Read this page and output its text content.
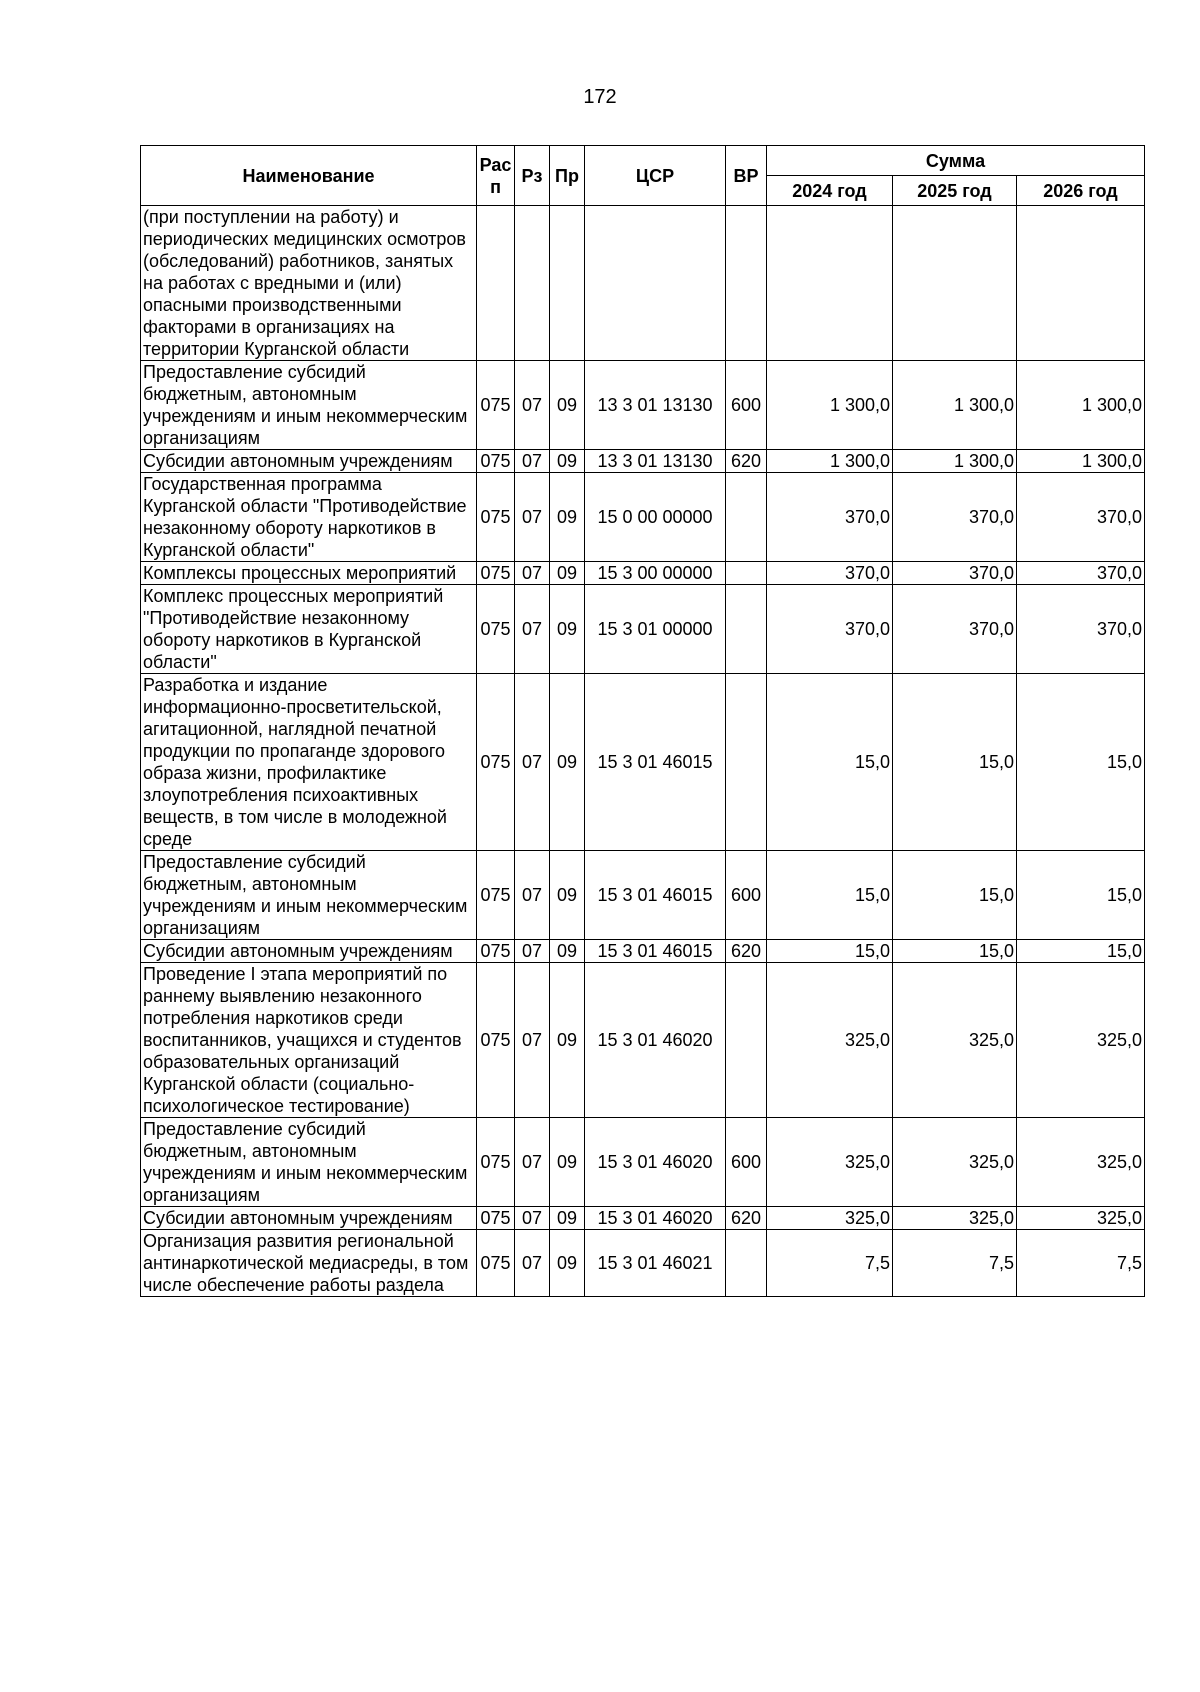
172
Наименование	Рас п	Рз	Пр	ЦСР	ВР	Сумма		
						2024 год	2025 год	2026 год
(при поступлении на работу) и периодических медицинских осмотров (обследований) работников, занятых на работах с вредными и (или) опасными производственными факторами в организациях на территории Курганской области								
Предоставление субсидий бюджетным, автономным учреждениям и иным некоммерческим организациям	075	07	09	13 3 01 13130	600	1 300,0	1 300,0	1 300,0
Субсидии автономным учреждениям	075	07	09	13 3 01 13130	620	1 300,0	1 300,0	1 300,0
Государственная программа Курганской области "Противодействие незаконному обороту наркотиков в Курганской области"	075	07	09	15 0 00 00000		370,0	370,0	370,0
Комплексы процессных мероприятий	075	07	09	15 3 00 00000		370,0	370,0	370,0
Комплекс процессных мероприятий "Противодействие незаконному обороту наркотиков в Курганской области"	075	07	09	15 3 01 00000		370,0	370,0	370,0
Разработка и издание информационно-просветительской, агитационной, наглядной печатной продукции по пропаганде здорового образа жизни, профилактике злоупотребления психоактивных веществ, в том числе в молодежной среде	075	07	09	15 3 01 46015		15,0	15,0	15,0
Предоставление субсидий бюджетным, автономным учреждениям и иным некоммерческим организациям	075	07	09	15 3 01 46015	600	15,0	15,0	15,0
Субсидии автономным учреждениям	075	07	09	15 3 01 46015	620	15,0	15,0	15,0
Проведение I этапа мероприятий по раннему выявлению незаконного потребления наркотиков среди воспитанников, учащихся и студентов образовательных организаций Курганской области (социально-психологическое тестирование)	075	07	09	15 3 01 46020		325,0	325,0	325,0
Предоставление субсидий бюджетным, автономным учреждениям и иным некоммерческим организациям	075	07	09	15 3 01 46020	600	325,0	325,0	325,0
Субсидии автономным учреждениям	075	07	09	15 3 01 46020	620	325,0	325,0	325,0
Организация развития региональной антинаркотической медиасреды, в том числе обеспечение работы раздела	075	07	09	15 3 01 46021		7,5	7,5	7,5
